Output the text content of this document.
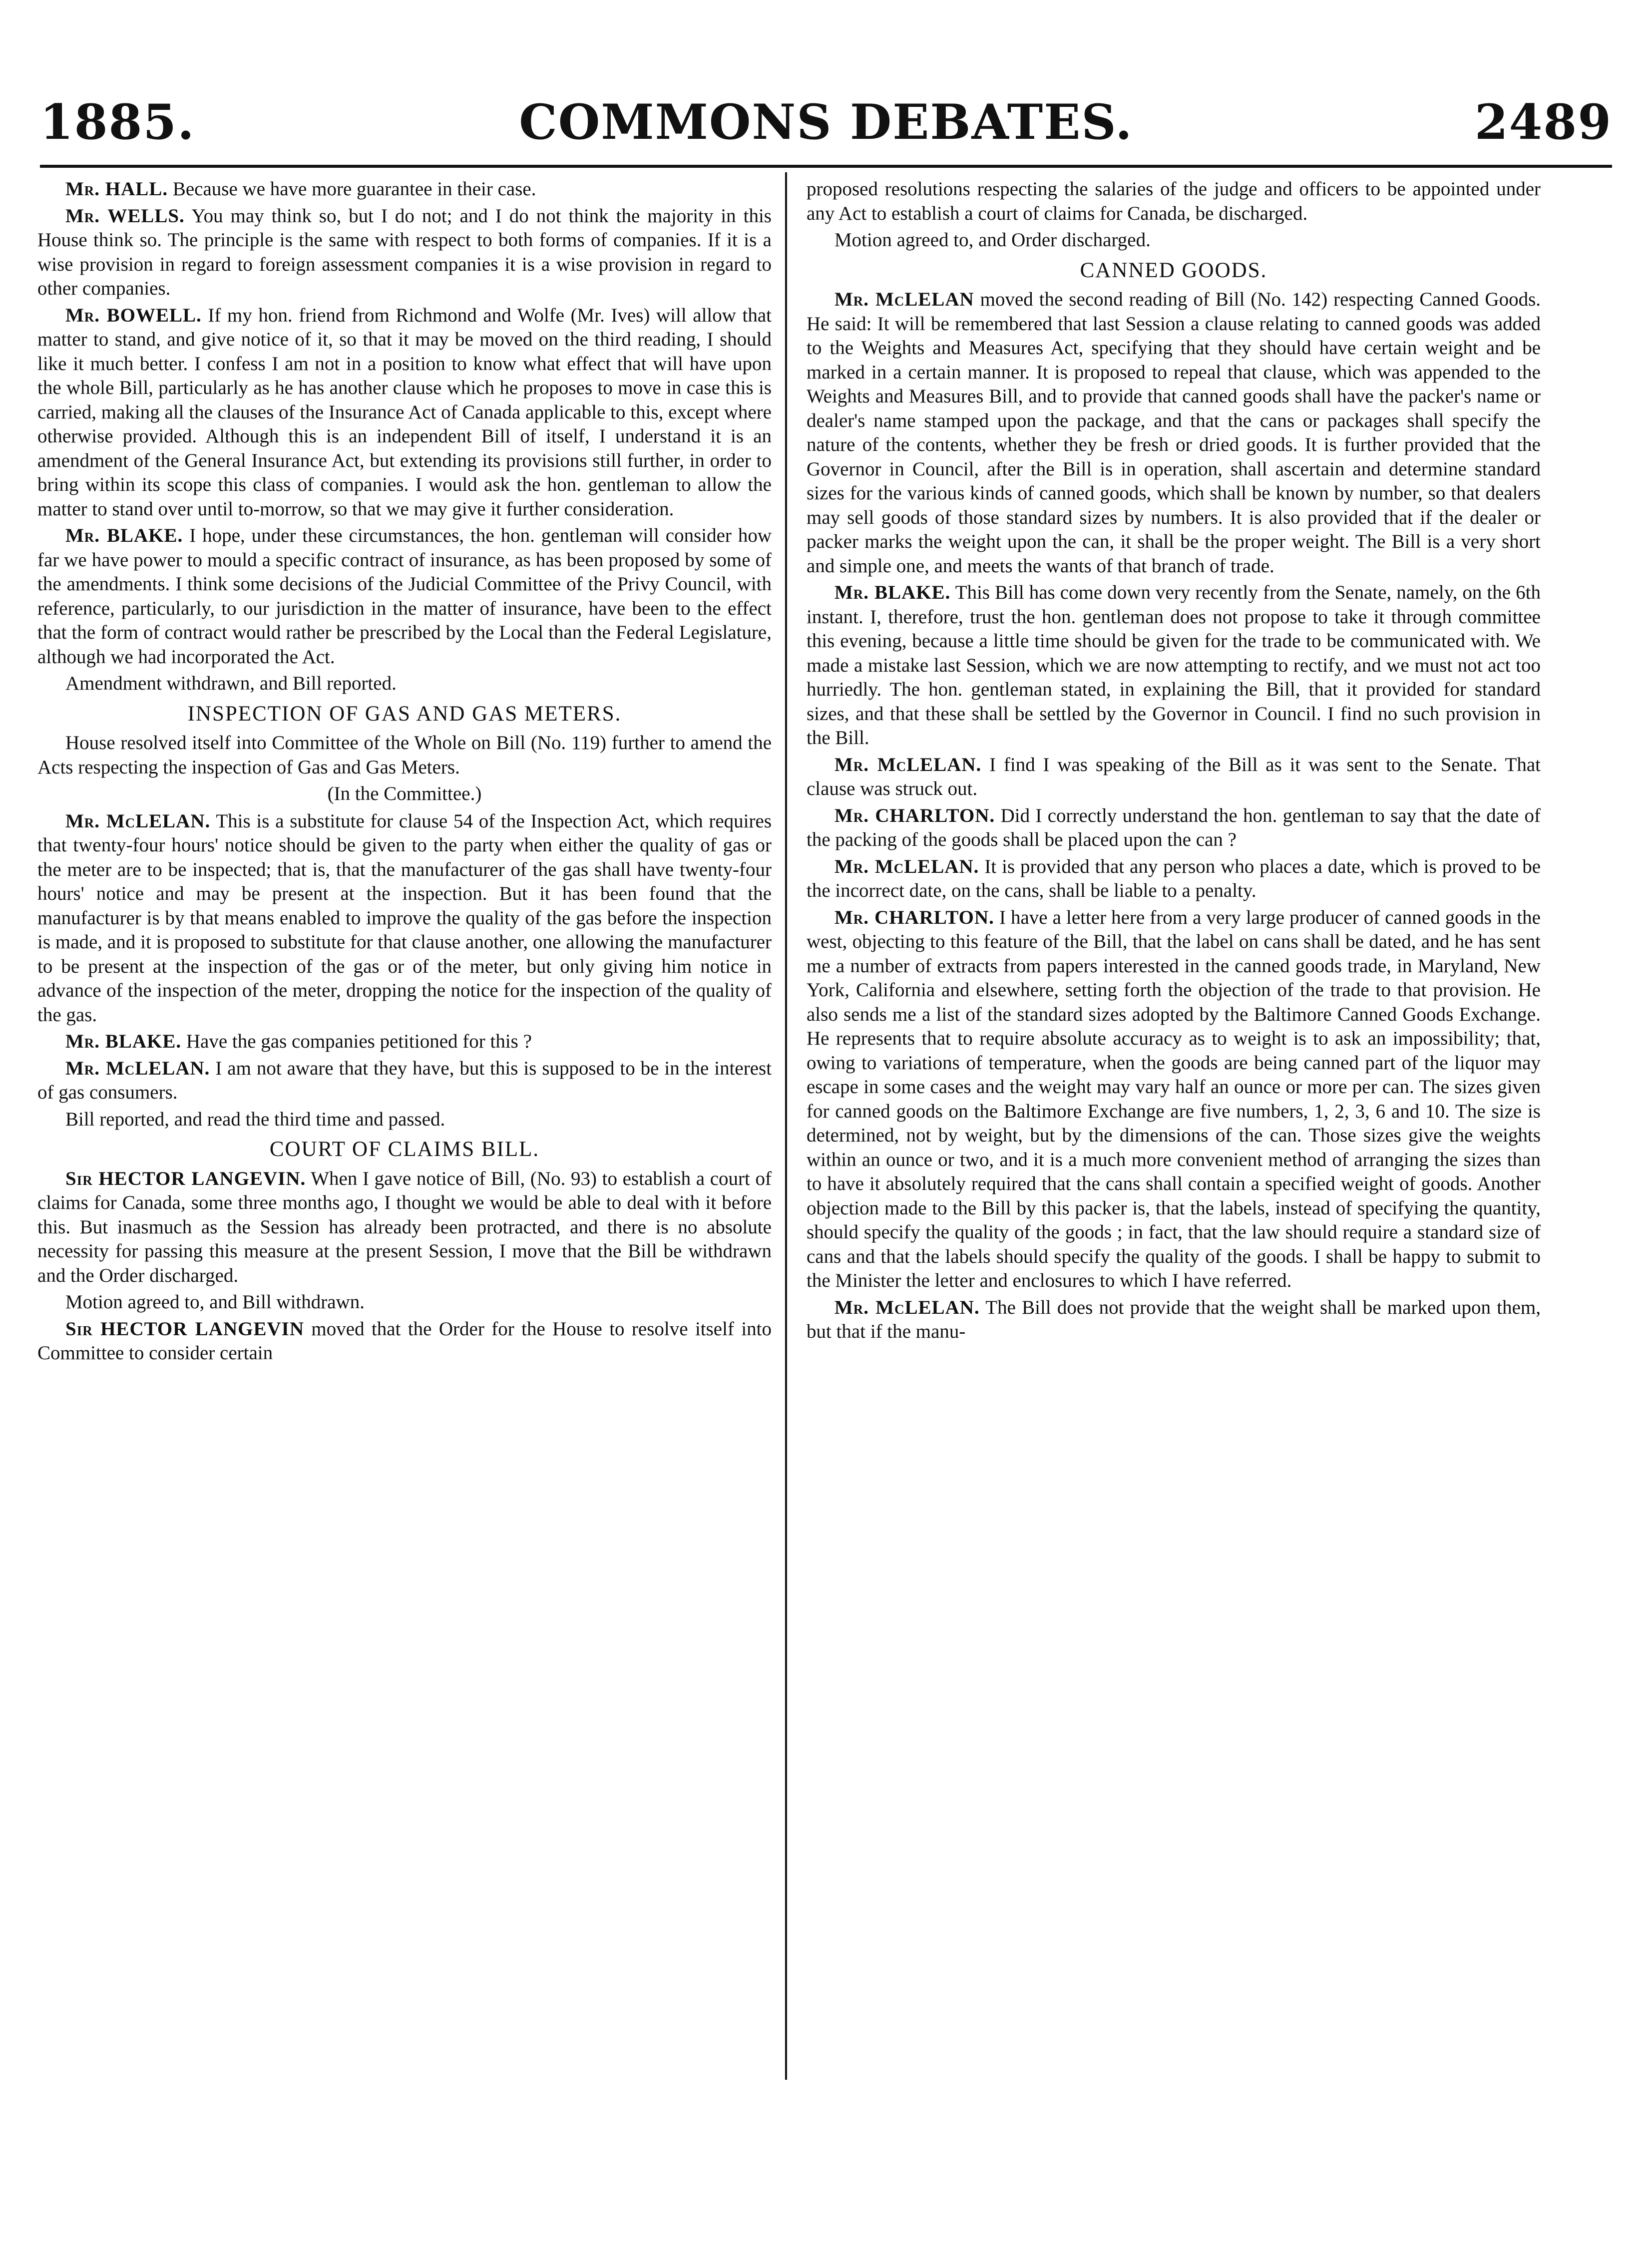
1885.	COMMONS DEBATES.	2489

Mr. HALL. Because we have more guarantee in their case.

Mr. WELLS. You may think so, but I do not; and I do not think the majority in this House think so. The principle is the same with respect to both forms of companies. If it is a wise provision in regard to foreign assessment companies it is a wise provision in regard to other companies.

Mr. BOWELL. If my hon. friend from Richmond and Wolfe (Mr. Ives) will allow that matter to stand, and give notice of it, so that it may be moved on the third reading, I should like it much better. I confess I am not in a position to know what effect that will have upon the whole Bill, particularly as he has another clause which he proposes to move in case this is carried, making all the clauses of the Insurance Act of Canada applicable to this, except where otherwise provided. Although this is an independent Bill of itself, I understand it is an amendment of the General Insurance Act, but extending its provisions still further, in order to bring within its scope this class of companies. I would ask the hon. gentleman to allow the matter to stand over until to-morrow, so that we may give it further consideration.

Mr. BLAKE. I hope, under these circumstances, the hon. gentleman will consider how far we have power to mould a specific contract of insurance, as has been proposed by some of the amendments. I think some decisions of the Judicial Committee of the Privy Council, with reference, particularly, to our jurisdiction in the matter of insurance, have been to the effect that the form of contract would rather be prescribed by the Local than the Federal Legislature, although we had incorporated the Act.

Amendment withdrawn, and Bill reported.

INSPECTION OF GAS AND GAS METERS.

House resolved itself into Committee of the Whole on Bill (No. 119) further to amend the Acts respecting the inspection of Gas and Gas Meters.

(In the Committee.)

Mr. McLELAN. This is a substitute for clause 54 of the Inspection Act, which requires that twenty-four hours' notice should be given to the party when either the quality of gas or the meter are to be inspected; that is, that the manufacturer of the gas shall have twenty-four hours' notice and may be present at the inspection. But it has been found that the manufacturer is by that means enabled to improve the quality of the gas before the inspection is made, and it is proposed to substitute for that clause another, one allowing the manufacturer to be present at the inspection of the gas or of the meter, but only giving him notice in advance of the inspection of the meter, dropping the notice for the inspection of the quality of the gas.

Mr. BLAKE. Have the gas companies petitioned for this ?

Mr. McLELAN. I am not aware that they have, but this is supposed to be in the interest of gas consumers.

Bill reported, and read the third time and passed.

COURT OF CLAIMS BILL.

Sir HECTOR LANGEVIN. When I gave notice of Bill, (No. 93) to establish a court of claims for Canada, some three months ago, I thought we would be able to deal with it before this. But inasmuch as the Session has already been protracted, and there is no absolute necessity for passing this measure at the present Session, I move that the Bill be withdrawn and the Order discharged.

Motion agreed to, and Bill withdrawn.

Sir HECTOR LANGEVIN moved that the Order for the House to resolve itself into Committee to consider certain

proposed resolutions respecting the salaries of the judge and officers to be appointed under any Act to establish a court of claims for Canada, be discharged.

Motion agreed to, and Order discharged.

CANNED GOODS.

Mr. McLELAN moved the second reading of Bill (No. 142) respecting Canned Goods. He said: It will be remembered that last Session a clause relating to canned goods was added to the Weights and Measures Act, specifying that they should have certain weight and be marked in a certain manner. It is proposed to repeal that clause, which was appended to the Weights and Measures Bill, and to provide that canned goods shall have the packer's name or dealer's name stamped upon the package, and that the cans or packages shall specify the nature of the contents, whether they be fresh or dried goods. It is further provided that the Governor in Council, after the Bill is in operation, shall ascertain and determine standard sizes for the various kinds of canned goods, which shall be known by number, so that dealers may sell goods of those standard sizes by numbers. It is also provided that if the dealer or packer marks the weight upon the can, it shall be the proper weight. The Bill is a very short and simple one, and meets the wants of that branch of trade.

Mr. BLAKE. This Bill has come down very recently from the Senate, namely, on the 6th instant. I, therefore, trust the hon. gentleman does not propose to take it through committee this evening, because a little time should be given for the trade to be communicated with. We made a mistake last Session, which we are now attempting to rectify, and we must not act too hurriedly. The hon. gentleman stated, in explaining the Bill, that it provided for standard sizes, and that these shall be settled by the Governor in Council. I find no such provision in the Bill.

Mr. McLELAN. I find I was speaking of the Bill as it was sent to the Senate. That clause was struck out.

Mr. CHARLTON. Did I correctly understand the hon. gentleman to say that the date of the packing of the goods shall be placed upon the can ?

Mr. McLELAN. It is provided that any person who places a date, which is proved to be the incorrect date, on the cans, shall be liable to a penalty.

Mr. CHARLTON. I have a letter here from a very large producer of canned goods in the west, objecting to this feature of the Bill, that the label on cans shall be dated, and he has sent me a number of extracts from papers interested in the canned goods trade, in Maryland, New York, California and elsewhere, setting forth the objection of the trade to that provision. He also sends me a list of the standard sizes adopted by the Baltimore Canned Goods Exchange. He represents that to require absolute accuracy as to weight is to ask an impossibility; that, owing to variations of temperature, when the goods are being canned part of the liquor may escape in some cases and the weight may vary half an ounce or more per can. The sizes given for canned goods on the Baltimore Exchange are five numbers, 1, 2, 3, 6 and 10. The size is determined, not by weight, but by the dimensions of the can. Those sizes give the weights within an ounce or two, and it is a much more convenient method of arranging the sizes than to have it absolutely required that the cans shall contain a specified weight of goods. Another objection made to the Bill by this packer is, that the labels, instead of specifying the quantity, should specify the quality of the goods ; in fact, that the law should require a standard size of cans and that the labels should specify the quality of the goods. I shall be happy to submit to the Minister the letter and enclosures to which I have referred.

Mr. McLELAN. The Bill does not provide that the weight shall be marked upon them, but that if the manu-
